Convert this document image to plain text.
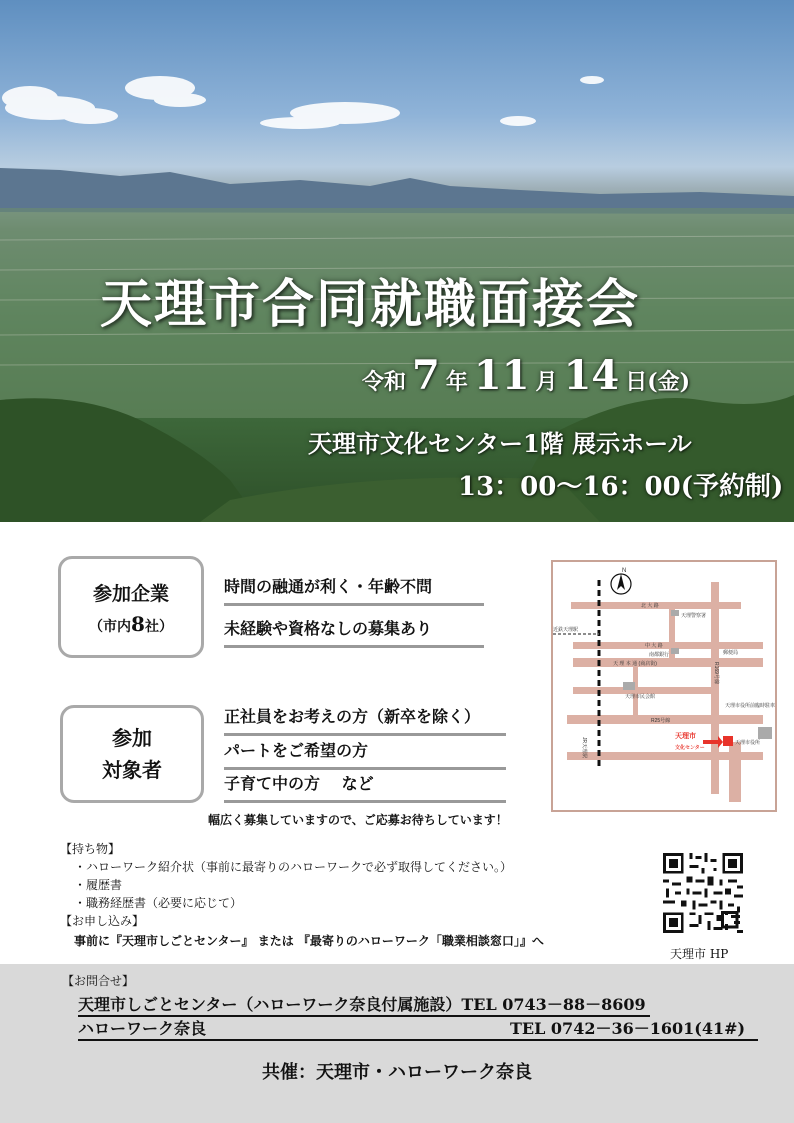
天理市合同就職面接会
令和 7 年 11 月 14 日(金)
天理市文化センター1階 展示ホール
13：00～16：00(予約制)
参加企業
（市内8社）
時間の融通が利く・年齢不問
未経験や資格なしの募集あり
参加
対象者
正社員をお考えの方（新卒を除く）
パートをご希望の方
子育て中の方　 など
幅広く募集していますので、ご応募お待ちしています！
N
北 大 路
中 大 路
天 理 本 通 (商店街)
R25号線
近鉄天理駅
JR天理駅
R169号線
天理警察署
南都銀行	郵便局
天理市民会館
天理市役所前臨時駐車場
天理市役所
天理市
文化センター
【持ち物】
・ハローワーク紹介状（事前に最寄りのハローワークで必ず取得してください。）
・履歴書
・職務経歴書（必要に応じて）
【お申し込み】
事前に『天理市しごとセンター』 または 『最寄りのハローワーク「職業相談窓口」』へ
天理市 HP
【お問合せ】
天理市しごとセンター（ハローワーク奈良付属施設）TEL 0743－88－8609
ハローワーク奈良	TEL 0742－36－1601(41#)
共催：天理市・ハローワーク奈良
